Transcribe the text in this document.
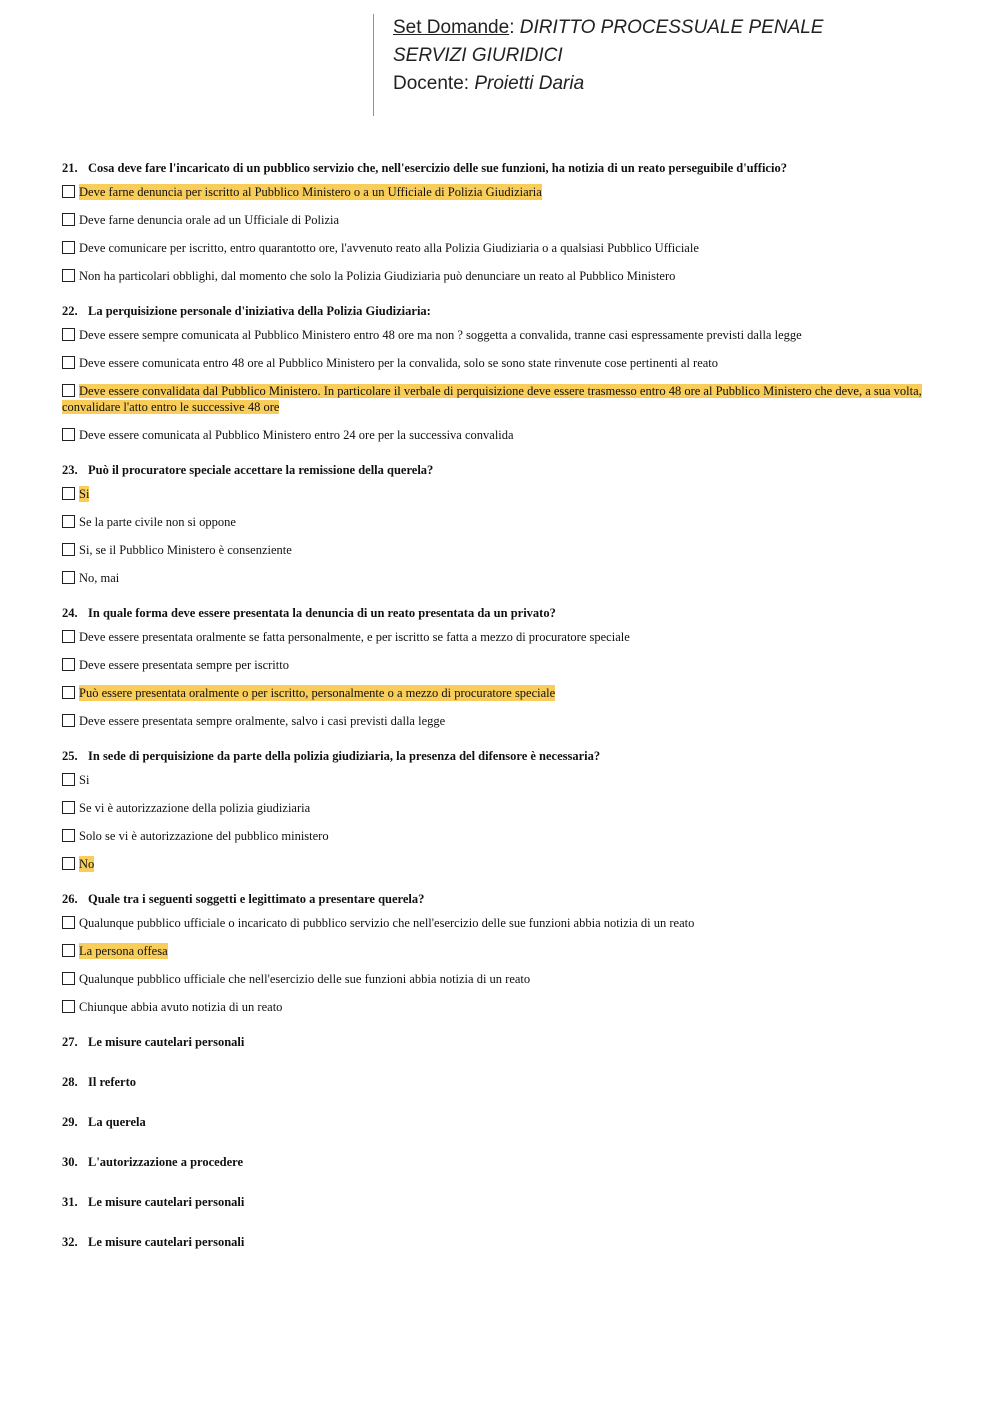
Set Domande: DIRITTO PROCESSUALE PENALE
SERVIZI GIURIDICI
Docente: Proietti Daria
21. Cosa deve fare l'incaricato di un pubblico servizio che, nell'esercizio delle sue funzioni, ha notizia di un reato perseguibile d'ufficio?
Deve farne denuncia per iscritto al Pubblico Ministero o a un Ufficiale di Polizia Giudiziaria
Deve farne denuncia orale ad un Ufficiale di Polizia
Deve comunicare per iscritto, entro quarantotto ore, l'avvenuto reato alla Polizia Giudiziaria o a qualsiasi Pubblico Ufficiale
Non ha particolari obblighi, dal momento che solo la Polizia Giudiziaria può denunciare un reato al Pubblico Ministero
22. La perquisizione personale d'iniziativa della Polizia Giudiziaria:
Deve essere sempre comunicata al Pubblico Ministero entro 48 ore ma non ? soggetta a convalida, tranne casi espressamente previsti dalla legge
Deve essere comunicata entro 48 ore al Pubblico Ministero per la convalida, solo se sono state rinvenute cose pertinenti al reato
Deve essere convalidata dal Pubblico Ministero. In particolare il verbale di perquisizione deve essere trasmesso entro 48 ore al Pubblico Ministero che deve, a sua volta, convalidare l'atto entro le successive 48 ore
Deve essere comunicata al Pubblico Ministero entro 24 ore per la successiva convalida
23. Può il procuratore speciale accettare la remissione della querela?
Si
Se la parte civile non si oppone
Si, se il Pubblico Ministero è consenziente
No, mai
24. In quale forma deve essere presentata la denuncia di un reato presentata da un privato?
Deve essere presentata oralmente se fatta personalmente, e per iscritto se fatta a mezzo di procuratore speciale
Deve essere presentata sempre per iscritto
Può essere presentata oralmente o per iscritto, personalmente o a mezzo di procuratore speciale
Deve essere presentata sempre oralmente, salvo i casi previsti dalla legge
25. In sede di perquisizione da parte della polizia giudiziaria, la presenza del difensore è necessaria?
Si
Se vi è autorizzazione della polizia giudiziaria
Solo se vi è autorizzazione del pubblico ministero
No
26. Quale tra i seguenti soggetti e legittimato a presentare querela?
Qualunque pubblico ufficiale o incaricato di pubblico servizio che nell'esercizio delle sue funzioni abbia notizia di un reato
La persona offesa
Qualunque pubblico ufficiale che nell'esercizio delle sue funzioni abbia notizia di un reato
Chiunque abbia avuto notizia di un reato
27. Le misure cautelari personali
28. Il referto
29. La querela
30. L'autorizzazione a procedere
31. Le misure cautelari personali
32. Le misure cautelari personali
